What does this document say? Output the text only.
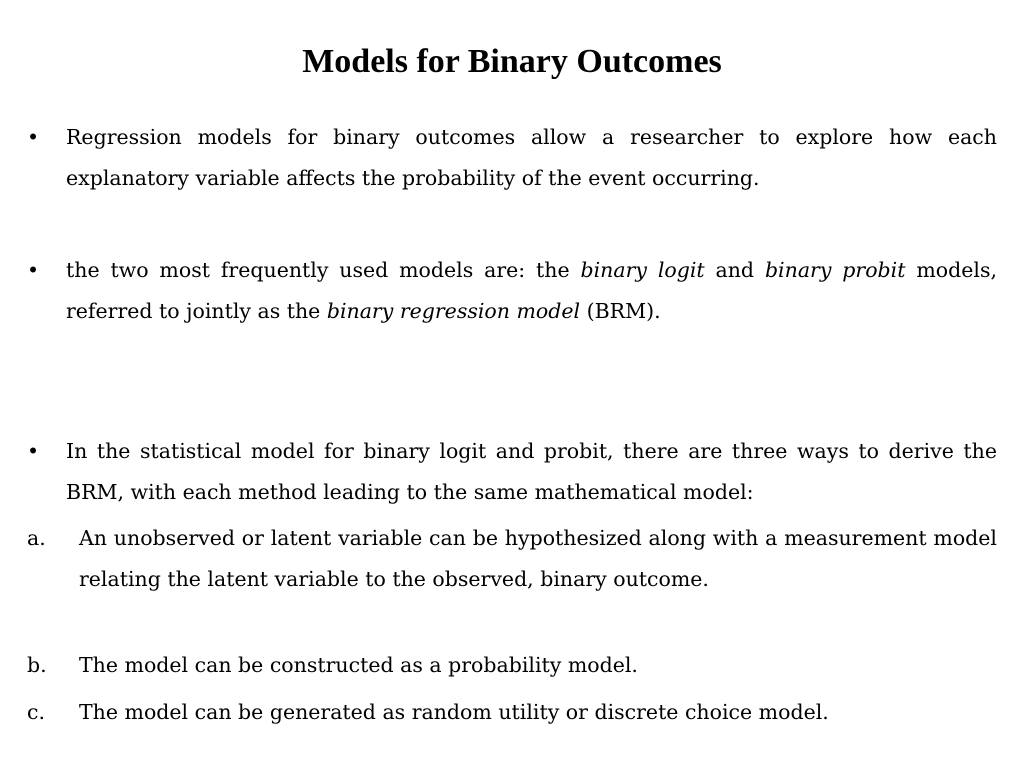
Models for Binary Outcomes
•	Regression models for binary outcomes allow a researcher to explore how each explanatory variable affects the probability of the event occurring.
•	the two most frequently used models are: the binary logit and binary probit models, referred to jointly as the binary regression model (BRM).
•	In the statistical model for binary logit and probit, there are three ways to derive the BRM, with each method leading to the same mathematical model:
a.	An unobserved or latent variable can be hypothesized along with a measurement model relating the latent variable to the observed, binary outcome.
b.	The model can be constructed as a probability model.
c.	The model can be generated as random utility or discrete choice model.
